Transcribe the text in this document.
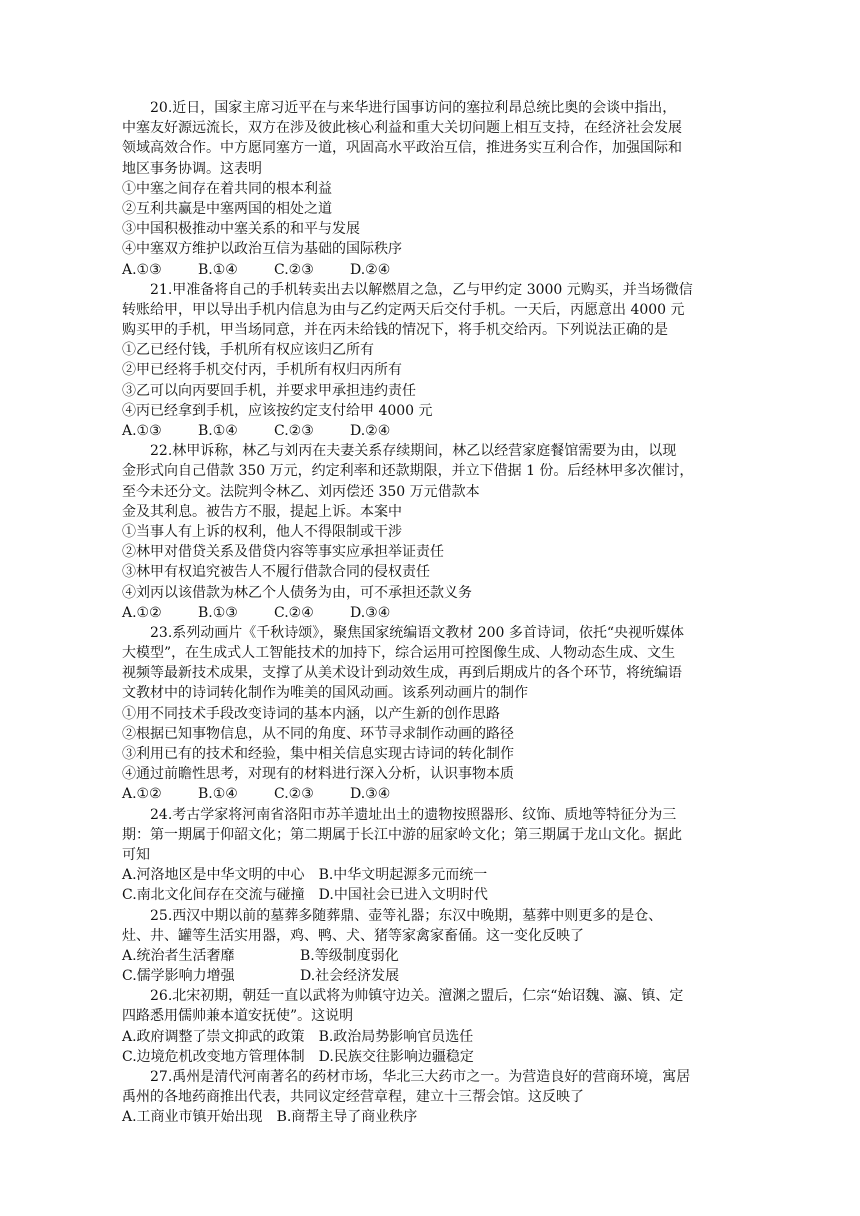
20.近日，国家主席习近平在与来华进行国事访问的塞拉利昂总统比奥的会谈中指出，
中塞友好源远流长，双方在涉及彼此核心利益和重大关切问题上相互支持，在经济社会发展
领域高效合作。中方愿同塞方一道，巩固高水平政治互信，推进务实互利合作，加强国际和
地区事务协调。这表明
①中塞之间存在着共同的根本利益
②互利共赢是中塞两国的相处之道
③中国积极推动中塞关系的和平与发展
④中塞双方维护以政治互信为基础的国际秩序
A.①③	B.①④	C.②③	D.②④
21.甲准备将自己的手机转卖出去以解燃眉之急，乙与甲约定 3000 元购买，并当场微信
转账给甲，甲以导出手机内信息为由与乙约定两天后交付手机。一天后，丙愿意出 4000 元
购买甲的手机，甲当场同意，并在丙未给钱的情况下，将手机交给丙。下列说法正确的是
①乙已经付钱，手机所有权应该归乙所有
②甲已经将手机交付丙，手机所有权归丙所有
③乙可以向丙要回手机，并要求甲承担违约责任
④丙已经拿到手机，应该按约定支付给甲 4000 元
A.①③	B.①④	C.②③	D.②④
22.林甲诉称，林乙与刘丙在夫妻关系存续期间，林乙以经营家庭餐馆需要为由，以现
金形式向自己借款 350 万元，约定利率和还款期限，并立下借据 1 份。后经林甲多次催讨，
至今未还分文。法院判令林乙、刘丙偿还 350 万元借款本
金及其利息。被告方不服，提起上诉。本案中
①当事人有上诉的权利，他人不得限制或干涉
②林甲对借贷关系及借贷内容等事实应承担举证责任
③林甲有权追究被告人不履行借款合同的侵权责任
④刘丙以该借款为林乙个人债务为由，可不承担还款义务
A.①②	B.①③	C.②④	D.③④
23.系列动画片《千秋诗颂》，聚焦国家统编语文教材 200 多首诗词，依托“央视听媒体
大模型”，在生成式人工智能技术的加持下，综合运用可控图像生成、人物动态生成、文生
视频等最新技术成果，支撑了从美术设计到动效生成，再到后期成片的各个环节，将统编语
文教材中的诗词转化制作为唯美的国风动画。该系列动画片的制作
①用不同技术手段改变诗词的基本内涵，以产生新的创作思路
②根据已知事物信息，从不同的角度、环节寻求制作动画的路径
③利用已有的技术和经验，集中相关信息实现古诗词的转化制作
④通过前瞻性思考，对现有的材料进行深入分析，认识事物本质
A.①②	B.①④	C.②③	D.③④
24.考古学家将河南省洛阳市苏羊遗址出土的遗物按照器形、纹饰、质地等特征分为三
期：第一期属于仰韶文化；第二期属于长江中游的屈家岭文化；第三期属于龙山文化。据此
可知
A.河洛地区是中华文明的中心 B.中华文明起源多元而统一
C.南北文化间存在交流与碰撞 D.中国社会已进入文明时代
25.西汉中期以前的墓葬多随葬鼎、壶等礼器；东汉中晚期，墓葬中则更多的是仓、
灶、井、罐等生活实用器，鸡、鸭、犬、猪等家禽家畜俑。这一变化反映了
A.统治者生活奢靡	B.等级制度弱化
C.儒学影响力增强	D.社会经济发展
26.北宋初期，朝廷一直以武将为帅镇守边关。澶渊之盟后，仁宗“始诏魏、瀛、镇、定
四路悉用儒帅兼本道安抚使”。这说明
A.政府调整了崇文抑武的政策 B.政治局势影响官员选任
C.边境危机改变地方管理体制 D.民族交往影响边疆稳定
27.禹州是清代河南著名的药材市场，华北三大药市之一。为营造良好的营商环境，寓居
禹州的各地药商推出代表，共同议定经营章程，建立十三帮会馆。这反映了
A.工商业市镇开始出现 B.商帮主导了商业秩序
